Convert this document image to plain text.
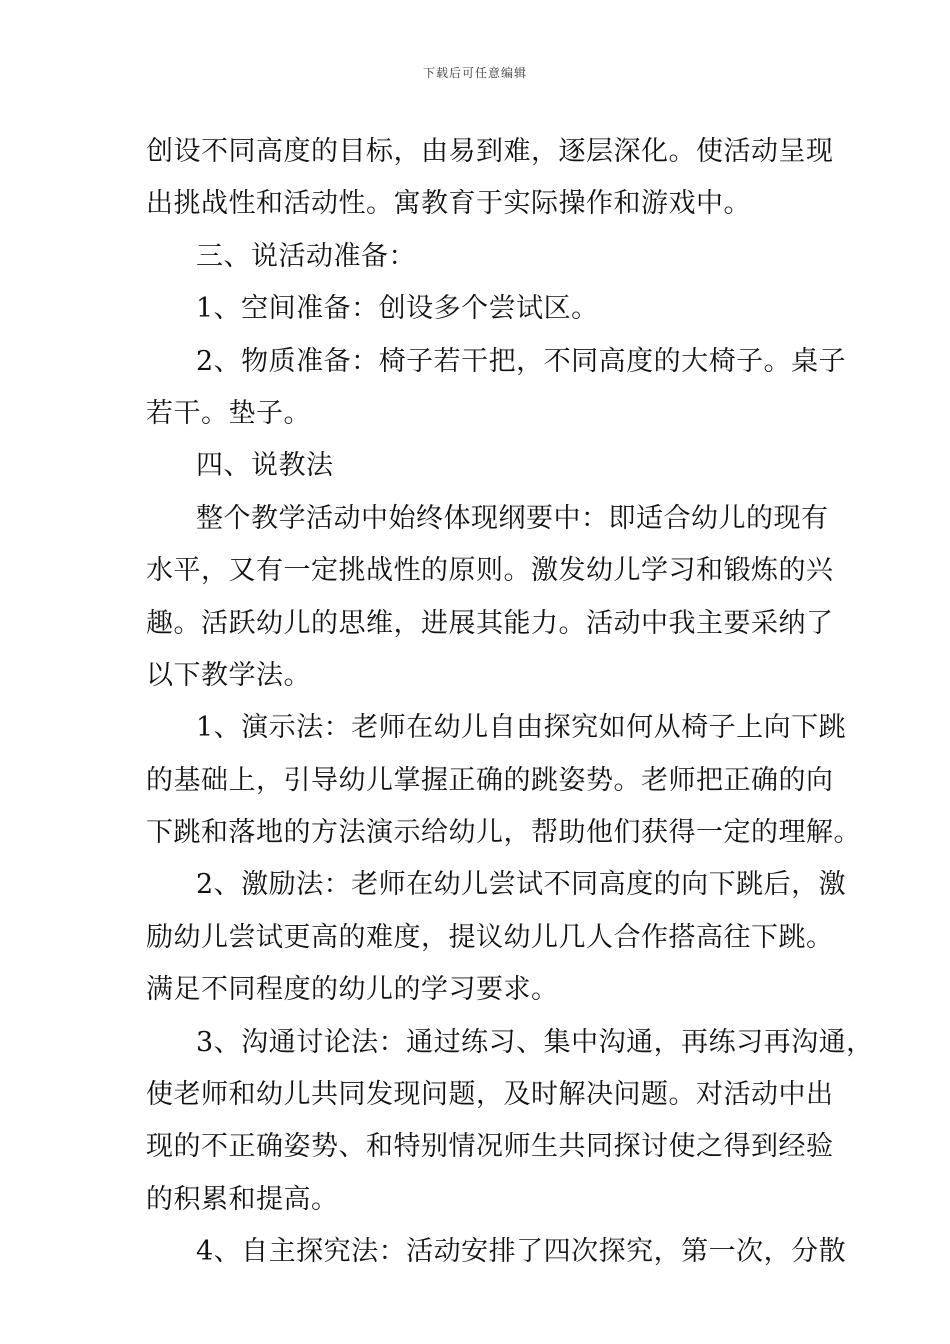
下载后可任意编辑
创设不同高度的目标，由易到难，逐层深化。使活动呈现
出挑战性和活动性。寓教育于实际操作和游戏中。
三、说活动准备：
1、空间准备：创设多个尝试区。
2、物质准备：椅子若干把，不同高度的大椅子。桌子
若干。垫子。
四、说教法
整个教学活动中始终体现纲要中：即适合幼儿的现有
水平，又有一定挑战性的原则。激发幼儿学习和锻炼的兴
趣。活跃幼儿的思维，进展其能力。活动中我主要采纳了
以下教学法。
1、演示法：老师在幼儿自由探究如何从椅子上向下跳
的基础上，引导幼儿掌握正确的跳姿势。老师把正确的向
下跳和落地的方法演示给幼儿，帮助他们获得一定的理解。
2、激励法：老师在幼儿尝试不同高度的向下跳后，激
励幼儿尝试更高的难度，提议幼儿几人合作搭高往下跳。
满足不同程度的幼儿的学习要求。
3、沟通讨论法：通过练习、集中沟通，再练习再沟通，
使老师和幼儿共同发现问题，及时解决问题。对活动中出
现的不正确姿势、和特别情况师生共同探讨使之得到经验
的积累和提高。
4、自主探究法：活动安排了四次探究，第一次，分散
